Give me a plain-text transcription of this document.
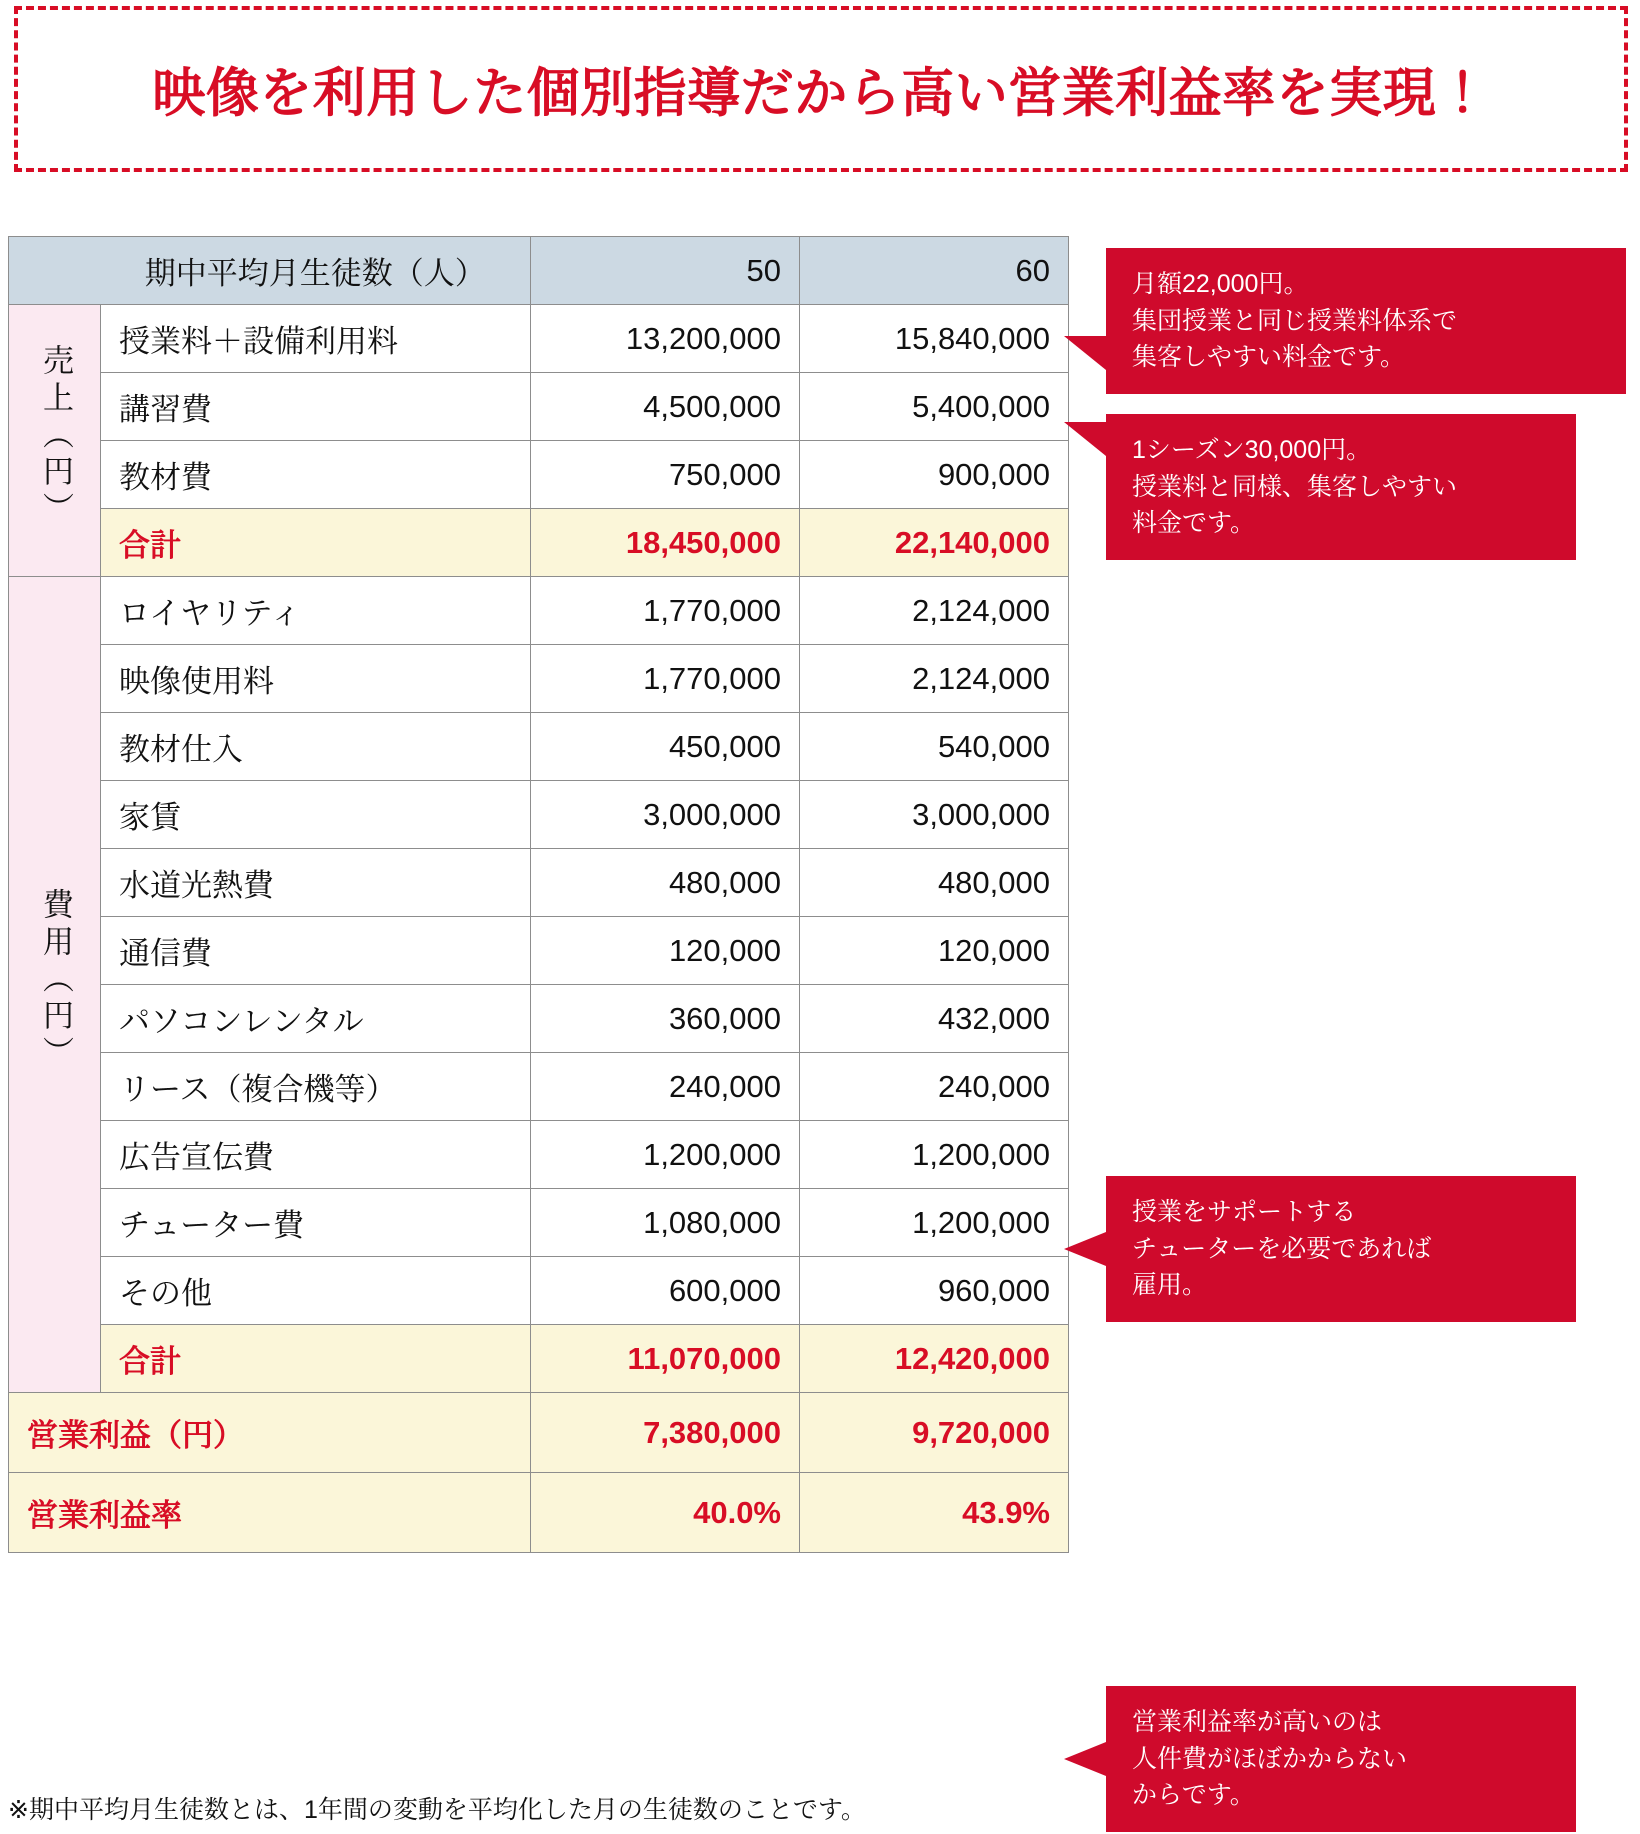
映像を利用した個別指導だから高い営業利益率を実現！
	期中平均月生徒数（人）	50	60
売上（円）	授業料＋設備利用料	13,200,000	15,840,000
	講習費	4,500,000	5,400,000
	教材費	750,000	900,000
	合計	18,450,000	22,140,000
費用（円）	ロイヤリティ	1,770,000	2,124,000
	映像使用料	1,770,000	2,124,000
	教材仕入	450,000	540,000
	家賃	3,000,000	3,000,000
	水道光熱費	480,000	480,000
	通信費	120,000	120,000
	パソコンレンタル	360,000	432,000
	リース（複合機等）	240,000	240,000
	広告宣伝費	1,200,000	1,200,000
	チューター費	1,080,000	1,200,000
	その他	600,000	960,000
	合計	11,070,000	12,420,000
営業利益（円）		7,380,000	9,720,000
営業利益率		40.0%	43.9%
※期中平均月生徒数とは、1年間の変動を平均化した月の生徒数のことです。
月額22,000円。
集団授業と同じ授業料体系で
集客しやすい料金です。
1シーズン30,000円。
授業料と同様、集客しやすい
料金です。
授業をサポートする
チューターを必要であれば
雇用。
営業利益率が高いのは
人件費がほぼかからない
からです。
